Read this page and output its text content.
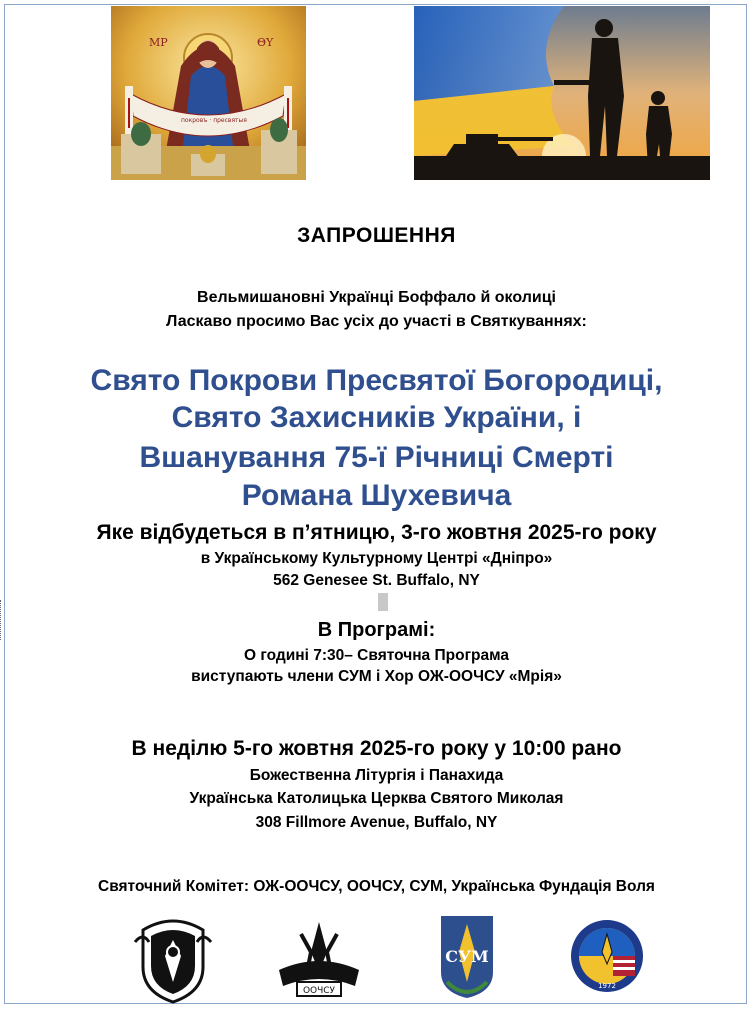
покровъ · пресвятыя
МР	ΘΥ
ЗАПРОШЕННЯ
Вельмишановні Українці Боффало й околиці
Ласкаво просимо Вас усіх до участі в Святкуваннях:
Свято Покрови Пресвятої Богородиці,
Свято Захисників України, і
Вшанування 75-ї Річниці Смерті
Романа Шухевича
Яке відбудеться в п’ятницю, 3-го жовтня 2025-го року
в Українському Культурному Центрі «Дніпро»
562 Genesee St. Buffalo, NY
В Програмі:
О годині 7:30– Святочна Програма
виступають члени СУМ і Хор ОЖ-ООЧСУ «Мрія»
В неділю 5-го жовтня 2025-го року у 10:00 рано
Божественна Літургія і Панахида
Українська Католицька Церква Святого Миколая
308 Fillmore Avenue, Buffalo, NY
Святочний Комітет: ОЖ-ООЧСУ, ООЧСУ, СУМ, Українська Фундація Воля
ООЧСУ
СУМ
1972
